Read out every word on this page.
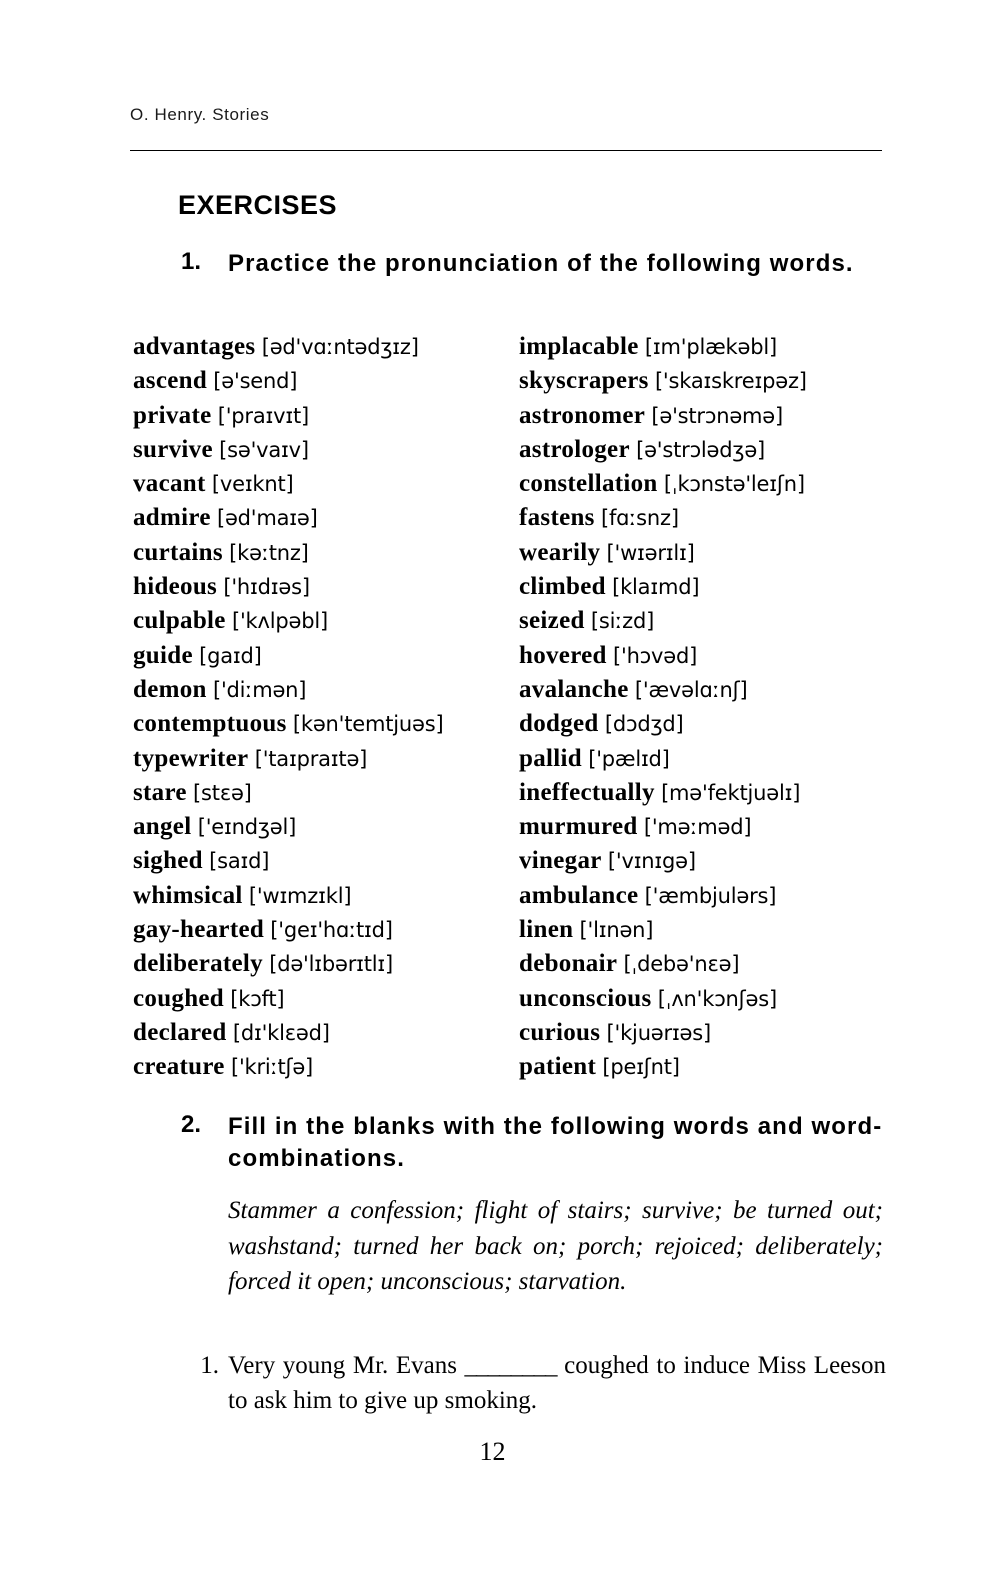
O. Henry. Stories
EXERCISES
1. Practice the pronunciation of the following words.
advantages [əd'vɑːntədʒɪz]
ascend [ə'send]
private ['praɪvɪt]
survive [sə'vaɪv]
vacant [veɪknt]
admire [əd'maɪə]
curtains [kəːtnz]
hideous ['hɪdɪəs]
culpable ['kʌlpəbl]
guide [gaɪd]
demon ['diːmən]
contemptuous [kən'temtjuəs]
typewriter ['taɪpraɪtə]
stare [stɛə]
angel ['eɪndʒəl]
sighed [saɪd]
whimsical ['wɪmzɪkl]
gay-hearted ['geɪ'hɑːtɪd]
deliberately [də'lɪbərɪtlɪ]
coughed [kɔft]
declared [dɪ'klɛəd]
creature ['kriːtʃə]
implacable [ɪm'plækəbl]
skyscrapers ['skaɪskreɪpəz]
astronomer [ə'strɔnəmə]
astrologer [ə'strɔlədʒə]
constellation [ˌkɔnstə'leɪʃn]
fastens [fɑːsnz]
wearily ['wɪərɪlɪ]
climbed [klaɪmd]
seized [siːzd]
hovered ['hɔvəd]
avalanche ['ævəlɑːnʃ]
dodged [dɔdʒd]
pallid ['pælɪd]
ineffectually [mə'fektjuəlɪ]
murmured ['məːməd]
vinegar ['vɪnɪgə]
ambulance ['æmbjulərs]
linen ['lɪnən]
debonair [ˌdebə'nɛə]
unconscious [ˌʌn'kɔnʃəs]
curious ['kjuərɪəs]
patient [peɪʃnt]
2. Fill in the blanks with the following words and word-combinations.
Stammer a confession; flight of stairs; survive; be turned out; washstand; turned her back on; porch; rejoiced; deliberately; forced it open; unconscious; starvation.
1. Very young Mr. Evans ________ coughed to induce Miss Leeson to ask him to give up smoking.
12
